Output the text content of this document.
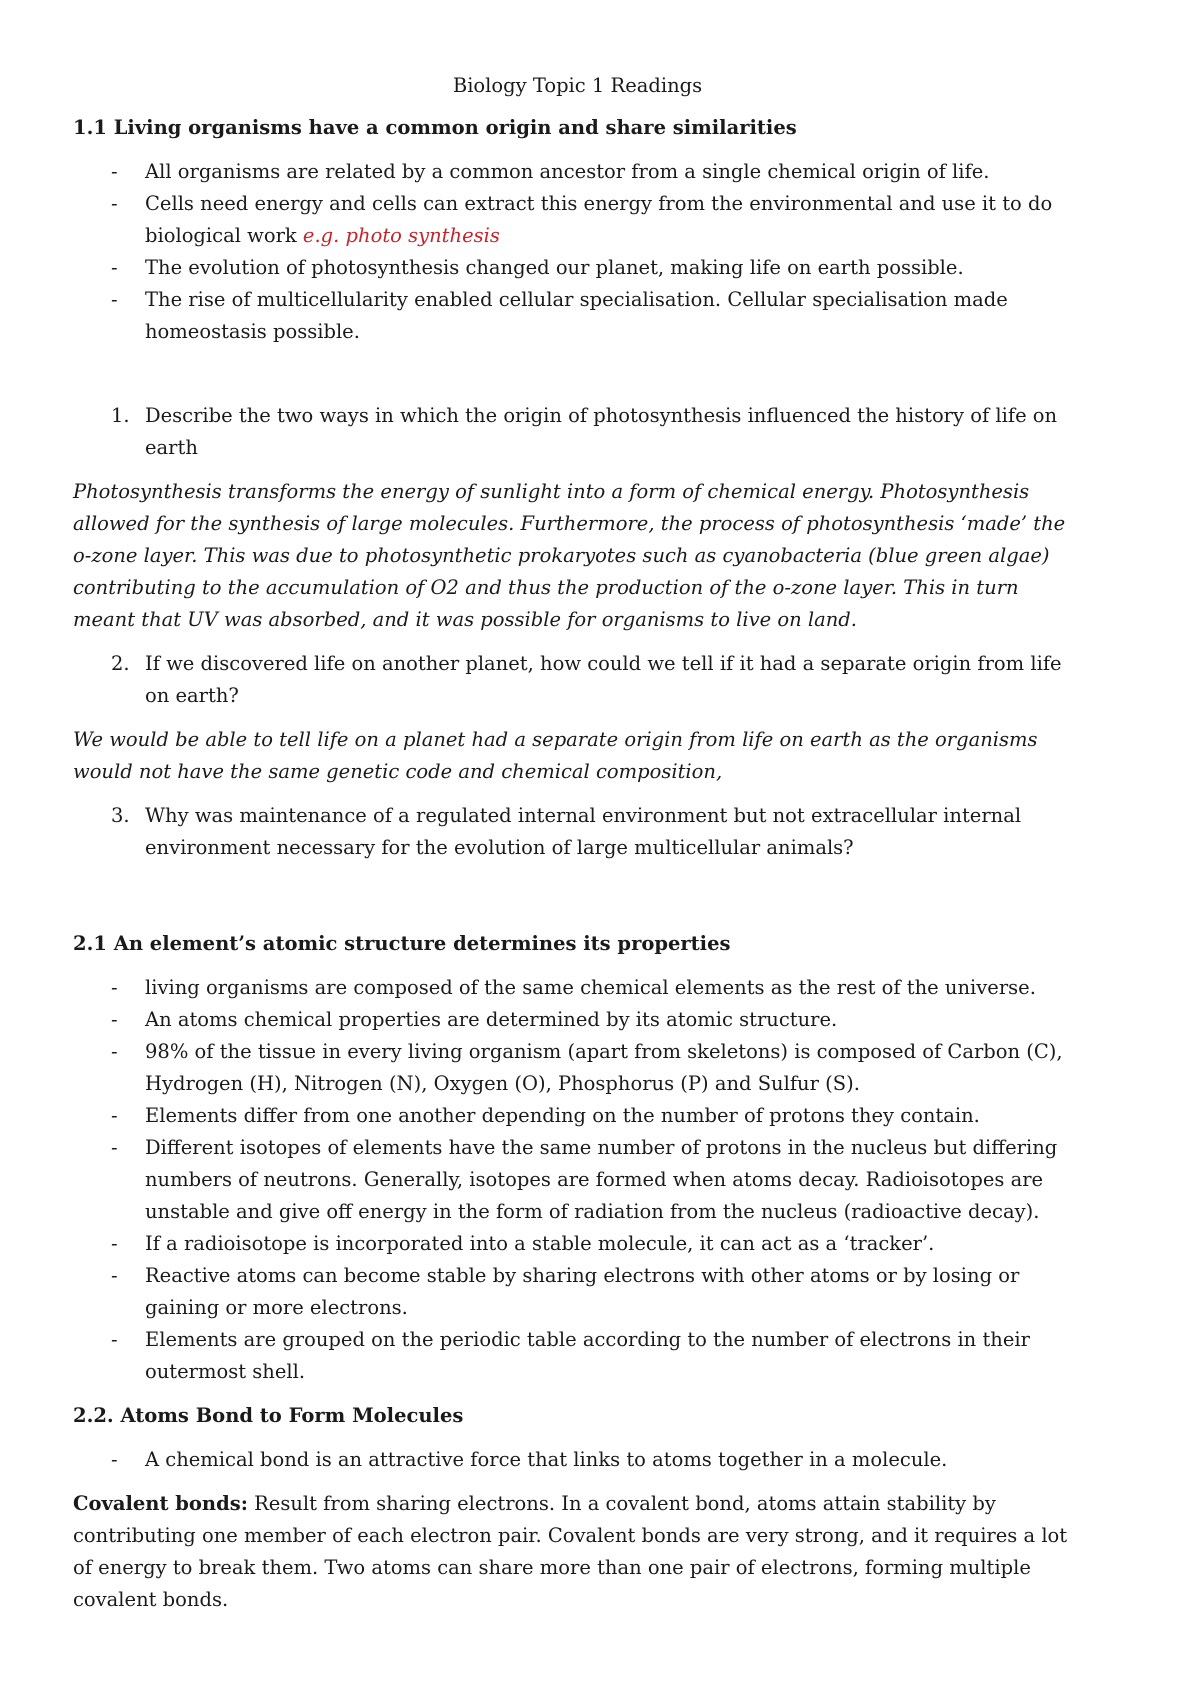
Biology Topic 1 Readings
1.1 Living organisms have a common origin and share similarities
- All organisms are related by a common ancestor from a single chemical origin of life.
- Cells need energy and cells can extract this energy from the environmental and use it to do biological work e.g. photo synthesis
- The evolution of photosynthesis changed our planet, making life on earth possible.
- The rise of multicellularity enabled cellular specialisation. Cellular specialisation made homeostasis possible.
1. Describe the two ways in which the origin of photosynthesis influenced the history of life on earth

Photosynthesis transforms the energy of sunlight into a form of chemical energy. Photosynthesis allowed for the synthesis of large molecules. Furthermore, the process of photosynthesis ‘made’ the o-zone layer. This was due to photosynthetic prokaryotes such as cyanobacteria (blue green algae) contributing to the accumulation of O2 and thus the production of the o-zone layer. This in turn meant that UV was absorbed, and it was possible for organisms to live on land.

2. If we discovered life on another planet, how could we tell if it had a separate origin from life on earth?

We would be able to tell life on a planet had a separate origin from life on earth as the organisms would not have the same genetic code and chemical composition,

3. Why was maintenance of a regulated internal environment but not extracellular internal environment necessary for the evolution of large multicellular animals?
2.1 An element’s atomic structure determines its properties
- living organisms are composed of the same chemical elements as the rest of the universe.
- An atoms chemical properties are determined by its atomic structure.
- 98% of the tissue in every living organism (apart from skeletons) is composed of Carbon (C), Hydrogen (H), Nitrogen (N), Oxygen (O), Phosphorus (P) and Sulfur (S).
- Elements differ from one another depending on the number of protons they contain.
- Different isotopes of elements have the same number of protons in the nucleus but differing numbers of neutrons. Generally, isotopes are formed when atoms decay. Radioisotopes are unstable and give off energy in the form of radiation from the nucleus (radioactive decay).
- If a radioisotope is incorporated into a stable molecule, it can act as a ‘tracker’.
- Reactive atoms can become stable by sharing electrons with other atoms or by losing or gaining or more electrons.
- Elements are grouped on the periodic table according to the number of electrons in their outermost shell.
2.2. Atoms Bond to Form Molecules
- A chemical bond is an attractive force that links to atoms together in a molecule.

Covalent bonds: Result from sharing electrons. In a covalent bond, atoms attain stability by contributing one member of each electron pair. Covalent bonds are very strong, and it requires a lot of energy to break them. Two atoms can share more than one pair of electrons, forming multiple covalent bonds.
